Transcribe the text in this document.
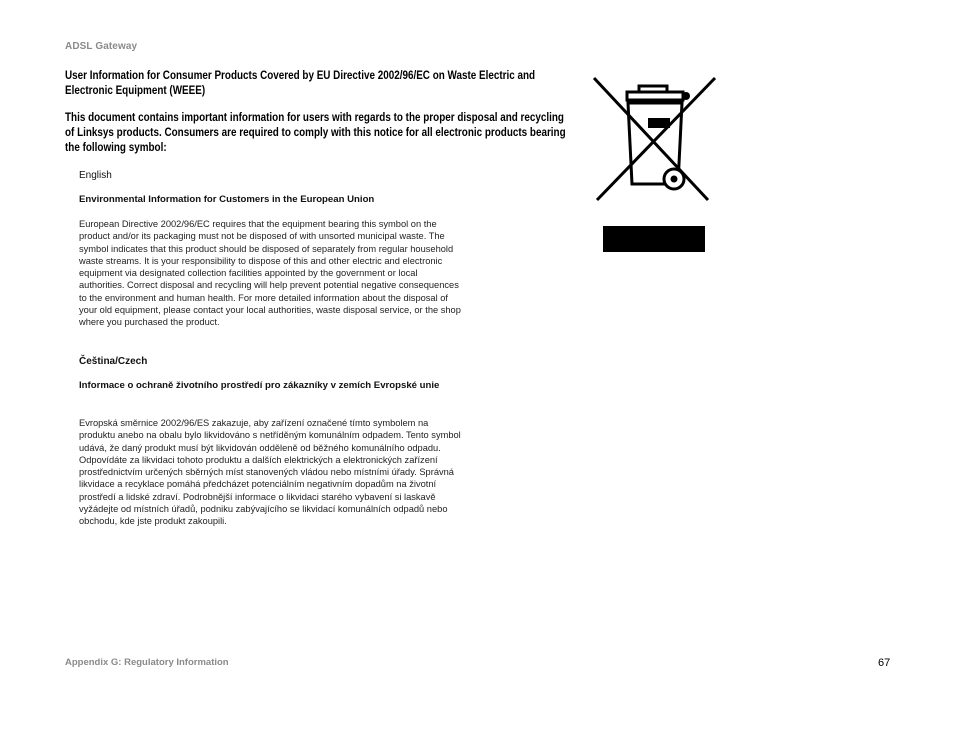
ADSL Gateway
User Information for Consumer Products Covered by EU Directive 2002/96/EC on Waste Electric and Electronic Equipment (WEEE)
This document contains important information for users with regards to the proper disposal and recycling of Linksys products. Consumers are required to comply with this notice for all electronic products bearing the following symbol:
English
Environmental Information for Customers in the European Union
European Directive 2002/96/EC requires that the equipment bearing this symbol on the product and/or its packaging must not be disposed of with unsorted municipal waste. The symbol indicates that this product should be disposed of separately from regular household waste streams. It is your responsibility to dispose of this and other electric and electronic equipment via designated collection facilities appointed by the government or local authorities. Correct disposal and recycling will help prevent potential negative consequences to the environment and human health. For more detailed information about the disposal of your old equipment, please contact your local authorities, waste disposal service, or the shop where you purchased the product.
Čeština/Czech
Informace o ochraně životního prostředí pro zákazníky v zemích Evropské unie
Evropská směrnice 2002/96/ES zakazuje, aby zařízení označené tímto symbolem na produktu anebo na obalu bylo likvidováno s netříděným komunálním odpadem. Tento symbol udává, že daný produkt musí být likvidován odděleně od běžného komunálního odpadu. Odpovídáte za likvidaci tohoto produktu a dalších elektrických a elektronických zařízení prostřednictvím určených sběrných míst stanovených vládou nebo místními úřady. Správná likvidace a recyklace pomáhá předcházet potenciálním negativním dopadům na životní prostředí a lidské zdraví. Podrobnější informace o likvidaci starého vybavení si laskavě vyžádejte od místních úřadů, podniku zabývajícího se likvidací komunálních odpadů nebo obchodu, kde jste produkt zakoupili.
Appendix G: Regulatory Information	67
